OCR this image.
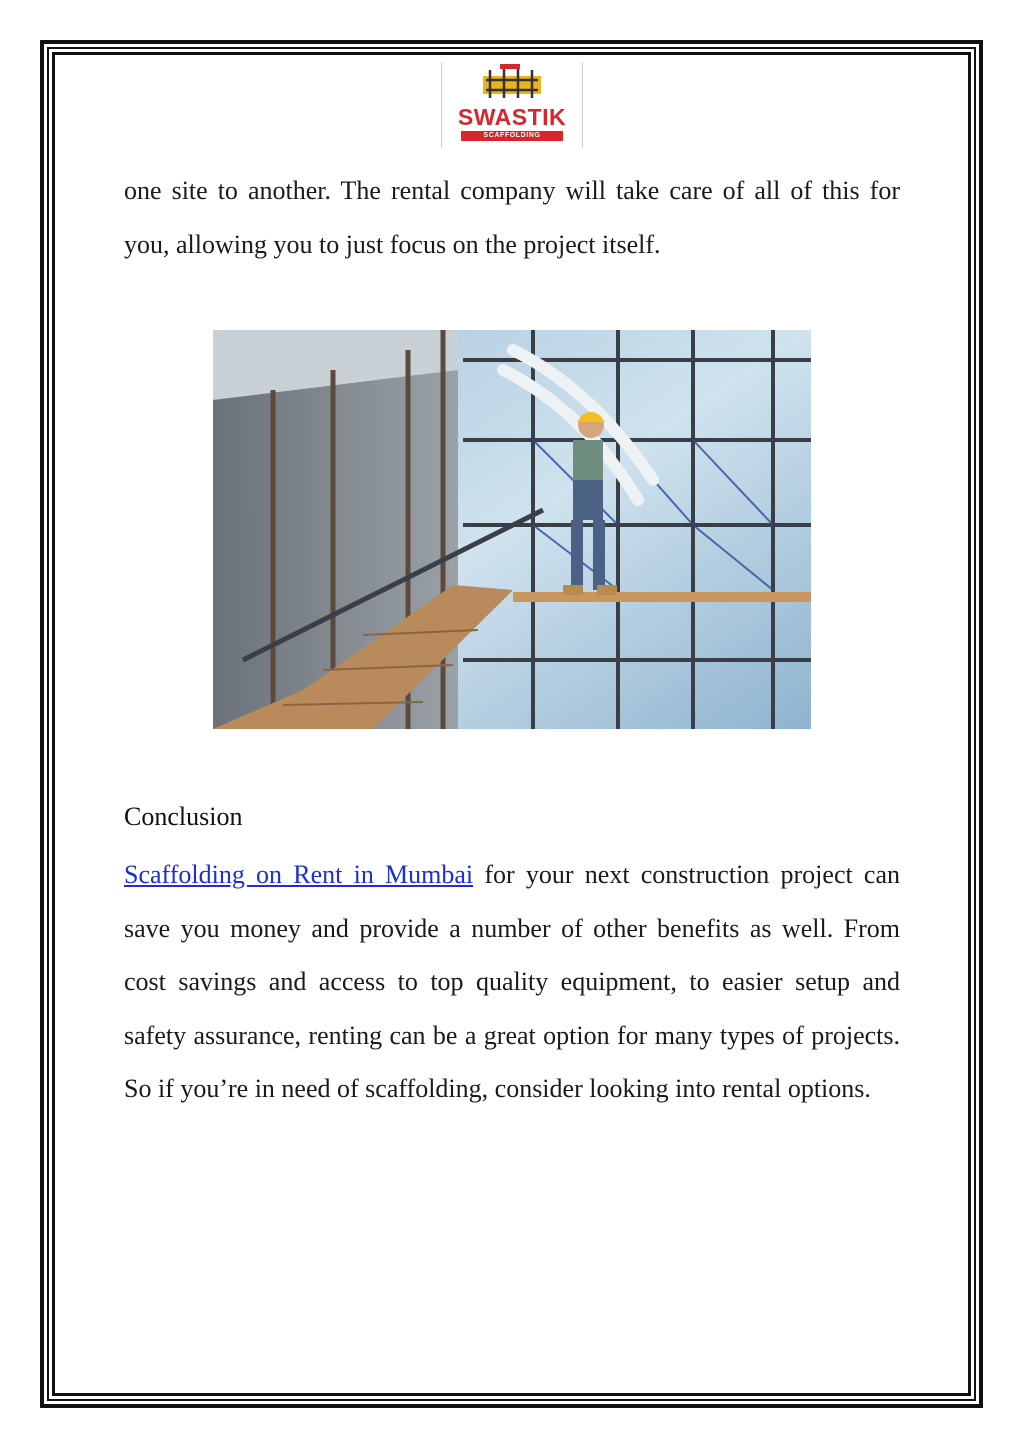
SWASTIK
SCAFFOLDING

one site to another. The rental company will take care of all of this for you, allowing you to just focus on the project itself.

Conclusion

Scaffolding on Rent in Mumbai for your next construction project can save you money and provide a number of other benefits as well. From cost savings and access to top quality equipment, to easier setup and safety assurance, renting can be a great option for many types of projects. So if you’re in need of scaffolding, consider looking into rental options.
